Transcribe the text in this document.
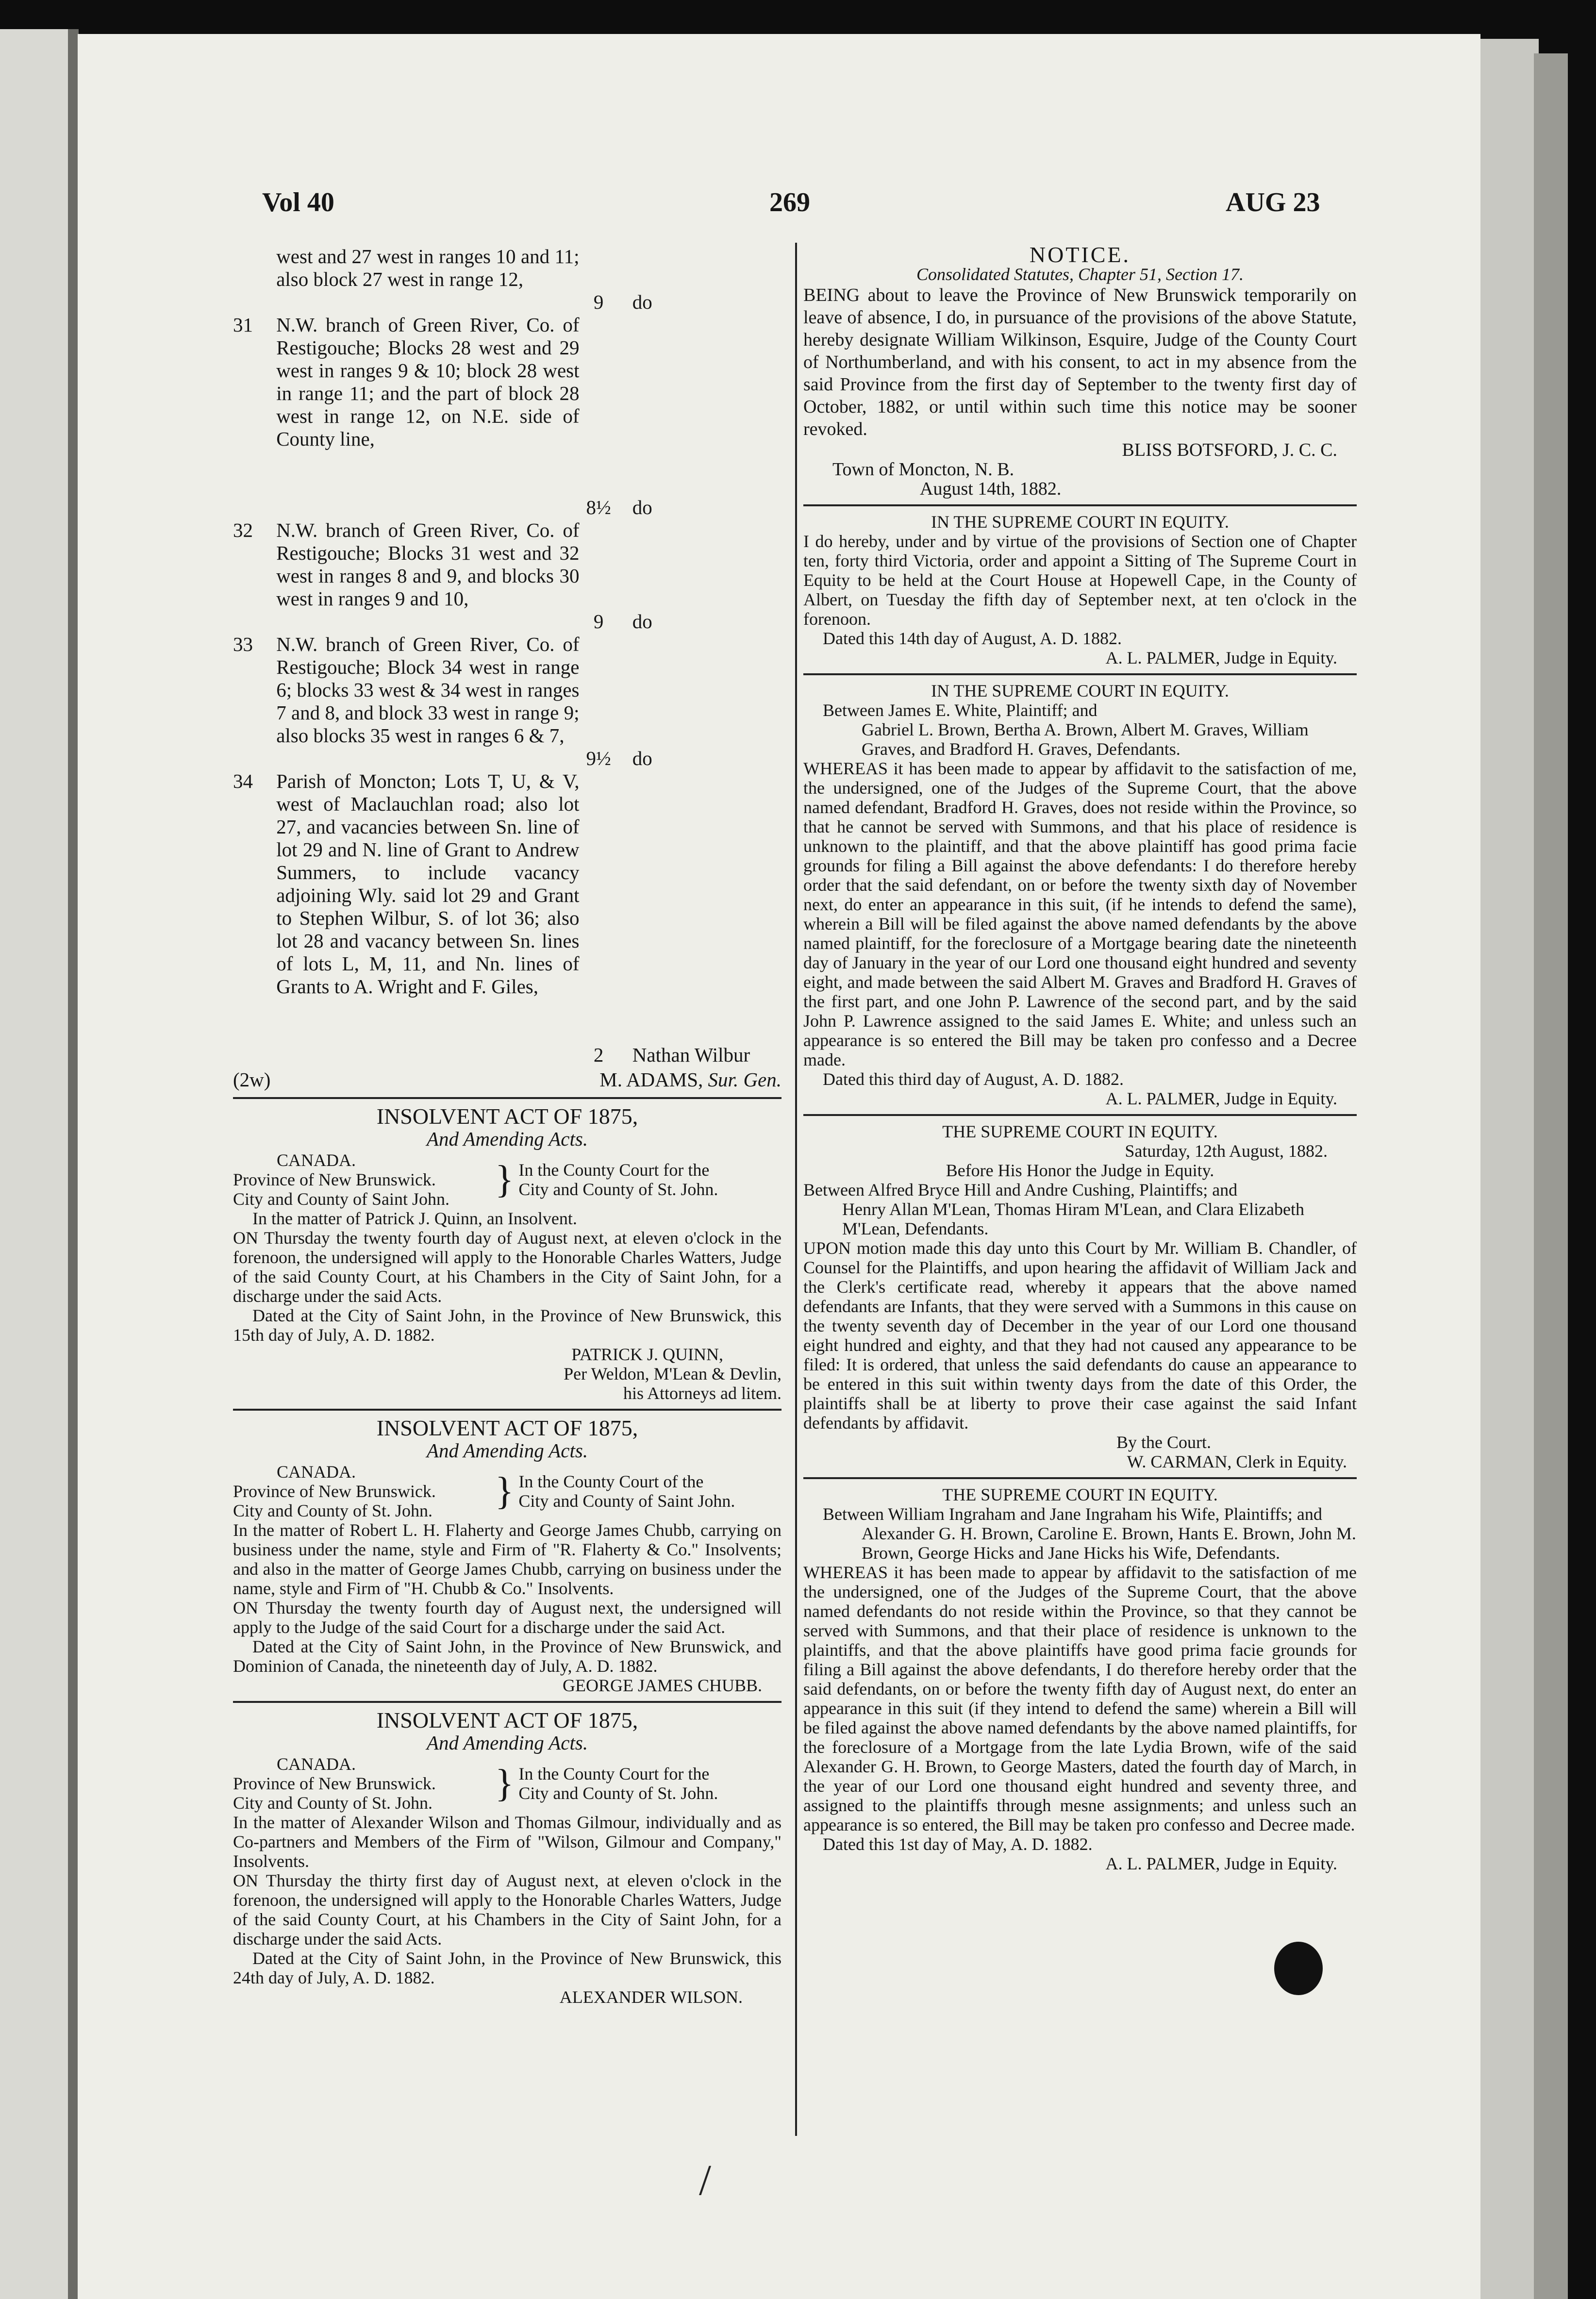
Vol 40	269	AUG 23
west and 27 west in ranges 10 and 11; also block 27 west in range 12,
9	do
31	N.W. branch of Green River, Co. of Restigouche; Blocks 28 west and 29 west in ranges 9 & 10; block 28 west in range 11; and the part of block 28 west in range 12, on N.E. side of County line,
8½	do
32	N.W. branch of Green River, Co. of Restigouche; Blocks 31 west and 32 west in ranges 8 and 9, and blocks 30 west in ranges 9 and 10,
9	do
33	N.W. branch of Green River, Co. of Restigouche; Block 34 west in range 6; blocks 33 west & 34 west in ranges 7 and 8, and block 33 west in range 9; also blocks 35 west in ranges 6 & 7,
9½	do
34	Parish of Moncton; Lots T, U, & V, west of Maclauchlan road; also lot 27, and vacancies between Sn. line of lot 29 and N. line of Grant to Andrew Summers, to include vacancy adjoining Wly. said lot 29 and Grant to Stephen Wilbur, S. of lot 36; also lot 28 and vacancy between Sn. lines of lots L, M, 11, and Nn. lines of Grants to A. Wright and F. Giles,
2	Nathan Wilbur
(2w)	M. ADAMS, Sur. Gen.

INSOLVENT ACT OF 1875,

And Amending Acts.

CANADA.

Province of New Brunswick.

City and County of Saint John.	} In the County Court for the

City and County of St. John.

In the matter of Patrick J. Quinn, an Insolvent.

ON Thursday the twenty fourth day of August next, at eleven o'clock in the forenoon, the undersigned will apply to the Honorable Charles Watters, Judge of the said County Court, at his Chambers in the City of Saint John, for a discharge under the said Acts.

Dated at the City of Saint John, in the Province of New Brunswick, this 15th day of July, A. D. 1882.

PATRICK J. QUINN,

Per Weldon, M'Lean & Devlin,

his Attorneys ad litem.

INSOLVENT ACT OF 1875,

And Amending Acts.

CANADA.

Province of New Brunswick.

City and County of St. John.	} In the County Court of the

City and County of Saint John.

In the matter of Robert L. H. Flaherty and George James Chubb, carrying on business under the name, style and Firm of "R. Flaherty & Co." Insolvents; and also in the matter of George James Chubb, carrying on business under the name, style and Firm of "H. Chubb & Co." Insolvents.

ON Thursday the twenty fourth day of August next, the undersigned will apply to the Judge of the said Court for a discharge under the said Act.

Dated at the City of Saint John, in the Province of New Brunswick, and Dominion of Canada, the nineteenth day of July, A. D. 1882.

GEORGE JAMES CHUBB.

INSOLVENT ACT OF 1875,

And Amending Acts.

CANADA.

Province of New Brunswick.

City and County of St. John.	} In the County Court for the

City and County of St. John.

In the matter of Alexander Wilson and Thomas Gilmour, individually and as Co-partners and Members of the Firm of "Wilson, Gilmour and Company," Insolvents.

ON Thursday the thirty first day of August next, at eleven o'clock in the forenoon, the undersigned will apply to the Honorable Charles Watters, Judge of the said County Court, at his Chambers in the City of Saint John, for a discharge under the said Acts.

Dated at the City of Saint John, in the Province of New Brunswick, this 24th day of July, A. D. 1882.

ALEXANDER WILSON.

NOTICE.

Consolidated Statutes, Chapter 51, Section 17.

BEING about to leave the Province of New Brunswick temporarily on leave of absence, I do, in pursuance of the provisions of the above Statute, hereby designate William Wilkinson, Esquire, Judge of the County Court of Northumberland, and with his consent, to act in my absence from the said Province from the first day of September to the twenty first day of October, 1882, or until within such time this notice may be sooner revoked.

BLISS BOTSFORD, J. C. C.

Town of Moncton, N. B.

August 14th, 1882.

IN THE SUPREME COURT IN EQUITY.

I do hereby, under and by virtue of the provisions of Section one of Chapter ten, forty third Victoria, order and appoint a Sitting of The Supreme Court in Equity to be held at the Court House at Hopewell Cape, in the County of Albert, on Tuesday the fifth day of September next, at ten o'clock in the forenoon.

Dated this 14th day of August, A. D. 1882.

A. L. PALMER, Judge in Equity.

IN THE SUPREME COURT IN EQUITY.

Between James E. White, Plaintiff; and

Gabriel L. Brown, Bertha A. Brown, Albert M. Graves, William Graves, and Bradford H. Graves, Defendants.

WHEREAS it has been made to appear by affidavit to the satisfaction of me, the undersigned, one of the Judges of the Supreme Court, that the above named defendant, Bradford H. Graves, does not reside within the Province, so that he cannot be served with Summons, and that his place of residence is unknown to the plaintiff, and that the above plaintiff has good prima facie grounds for filing a Bill against the above defendants: I do therefore hereby order that the said defendant, on or before the twenty sixth day of November next, do enter an appearance in this suit, (if he intends to defend the same), wherein a Bill will be filed against the above named defendants by the above named plaintiff, for the foreclosure of a Mortgage bearing date the nineteenth day of January in the year of our Lord one thousand eight hundred and seventy eight, and made between the said Albert M. Graves and Bradford H. Graves of the first part, and one John P. Lawrence of the second part, and by the said John P. Lawrence assigned to the said James E. White; and unless such an appearance is so entered the Bill may be taken pro confesso and a Decree made.

Dated this third day of August, A. D. 1882.

A. L. PALMER, Judge in Equity.

THE SUPREME COURT IN EQUITY.

Saturday, 12th August, 1882.

Before His Honor the Judge in Equity.

Between Alfred Bryce Hill and Andre Cushing, Plaintiffs; and

Henry Allan M'Lean, Thomas Hiram M'Lean, and Clara Elizabeth M'Lean, Defendants.

UPON motion made this day unto this Court by Mr. William B. Chandler, of Counsel for the Plaintiffs, and upon hearing the affidavit of William Jack and the Clerk's certificate read, whereby it appears that the above named defendants are Infants, that they were served with a Summons in this cause on the twenty seventh day of December in the year of our Lord one thousand eight hundred and eighty, and that they had not caused any appearance to be filed: It is ordered, that unless the said defendants do cause an appearance to be entered in this suit within twenty days from the date of this Order, the plaintiffs shall be at liberty to prove their case against the said Infant defendants by affidavit.

By the Court.

W. CARMAN, Clerk in Equity.

THE SUPREME COURT IN EQUITY.

Between William Ingraham and Jane Ingraham his Wife, Plaintiffs; and

Alexander G. H. Brown, Caroline E. Brown, Hants E. Brown, John M. Brown, George Hicks and Jane Hicks his Wife, Defendants.

WHEREAS it has been made to appear by affidavit to the satisfaction of me the undersigned, one of the Judges of the Supreme Court, that the above named defendants do not reside within the Province, so that they cannot be served with Summons, and that their place of residence is unknown to the plaintiffs, and that the above plaintiffs have good prima facie grounds for filing a Bill against the above defendants, I do therefore hereby order that the said defendants, on or before the twenty fifth day of August next, do enter an appearance in this suit (if they intend to defend the same) wherein a Bill will be filed against the above named defendants by the above named plaintiffs, for the foreclosure of a Mortgage from the late Lydia Brown, wife of the said Alexander G. H. Brown, to George Masters, dated the fourth day of March, in the year of our Lord one thousand eight hundred and seventy three, and assigned to the plaintiffs through mesne assignments; and unless such an appearance is so entered, the Bill may be taken pro confesso and Decree made.

Dated this 1st day of May, A. D. 1882.

A. L. PALMER, Judge in Equity.

/
